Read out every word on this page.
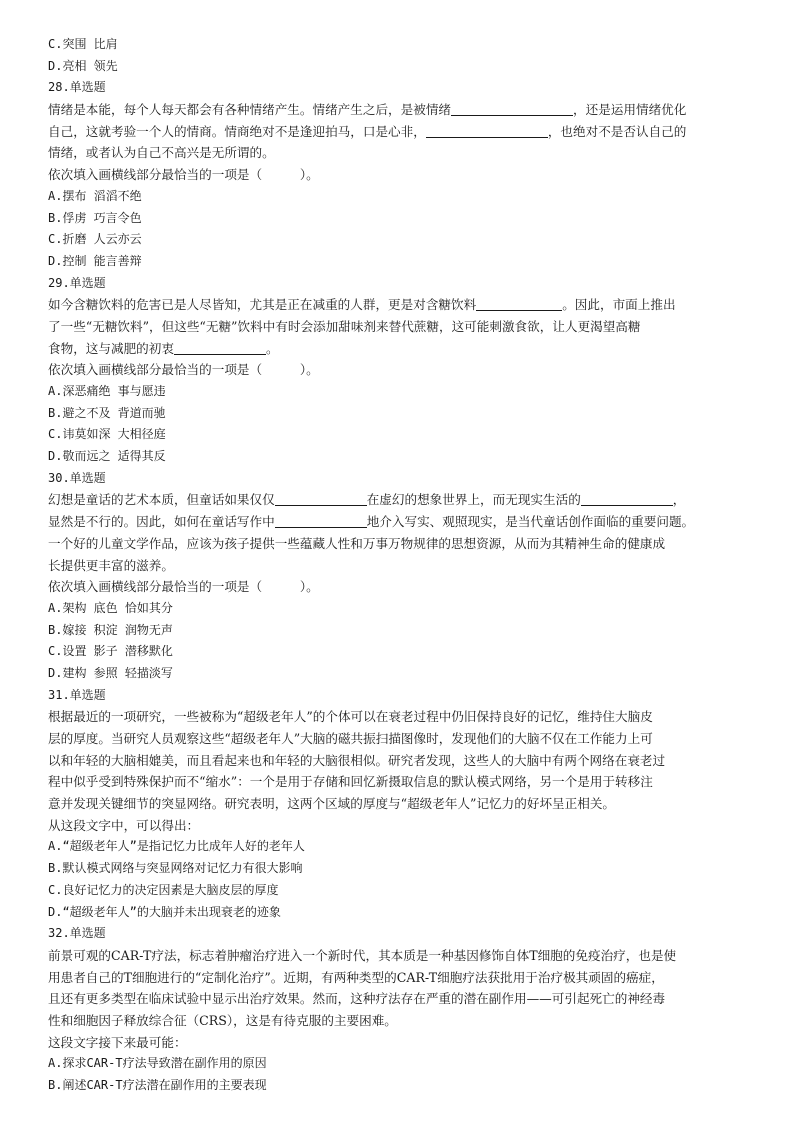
C.突围 比肩
D.亮相 领先
28.单选题
情绪是本能，每个人每天都会有各种情绪产生。情绪产生之后，是被情绪	，还是运用情绪优化
自己，这就考验一个人的情商。情商绝对不是逢迎拍马，口是心非，	，也绝对不是否认自己的
情绪，或者认为自己不高兴是无所谓的。
依次填入画横线部分最恰当的一项是（　　　）。
A.摆布 滔滔不绝
B.俘虏 巧言令色
C.折磨 人云亦云
D.控制 能言善辩
29.单选题
如今含糖饮料的危害已是人尽皆知，尤其是正在减重的人群，更是对含糖饮料	。因此，市面上推出
了一些“无糖饮料”，但这些“无糖”饮料中有时会添加甜味剂来替代蔗糖，这可能刺激食欲，让人更渴望高糖
食物，这与减肥的初衷	。
依次填入画横线部分最恰当的一项是（　　　）。
A.深恶痛绝 事与愿违
B.避之不及 背道而驰
C.讳莫如深 大相径庭
D.敬而远之 适得其反
30.单选题
幻想是童话的艺术本质，但童话如果仅仅	在虚幻的想象世界上，而无现实生活的	，
显然是不行的。因此，如何在童话写作中	地介入写实、观照现实，是当代童话创作面临的重要问题。
一个好的儿童文学作品，应该为孩子提供一些蕴藏人性和万事万物规律的思想资源，从而为其精神生命的健康成
长提供更丰富的滋养。
依次填入画横线部分最恰当的一项是（　　　）。
A.架构 底色 恰如其分
B.嫁接 积淀 润物无声
C.设置 影子 潜移默化
D.建构 参照 轻描淡写
31.单选题
根据最近的一项研究，一些被称为“超级老年人”的个体可以在衰老过程中仍旧保持良好的记忆，维持住大脑皮
层的厚度。当研究人员观察这些“超级老年人”大脑的磁共振扫描图像时，发现他们的大脑不仅在工作能力上可
以和年轻的大脑相媲美，而且看起来也和年轻的大脑很相似。研究者发现，这些人的大脑中有两个网络在衰老过
程中似乎受到特殊保护而不“缩水”：一个是用于存储和回忆新摄取信息的默认模式网络，另一个是用于转移注
意并发现关键细节的突显网络。研究表明，这两个区域的厚度与“超级老年人”记忆力的好坏呈正相关。
从这段文字中，可以得出：
A.“超级老年人”是指记忆力比成年人好的老年人
B.默认模式网络与突显网络对记忆力有很大影响
C.良好记忆力的决定因素是大脑皮层的厚度
D.“超级老年人”的大脑并未出现衰老的迹象
32.单选题
前景可观的CAR-T疗法，标志着肿瘤治疗进入一个新时代，其本质是一种基因修饰自体T细胞的免疫治疗，也是使
用患者自己的T细胞进行的“定制化治疗”。近期，有两种类型的CAR-T细胞疗法获批用于治疗极其顽固的癌症，
且还有更多类型在临床试验中显示出治疗效果。然而，这种疗法存在严重的潜在副作用——可引起死亡的神经毒
性和细胞因子释放综合征（CRS），这是有待克服的主要困难。
这段文字接下来最可能：
A.探求CAR-T疗法导致潜在副作用的原因
B.阐述CAR-T疗法潜在副作用的主要表现
